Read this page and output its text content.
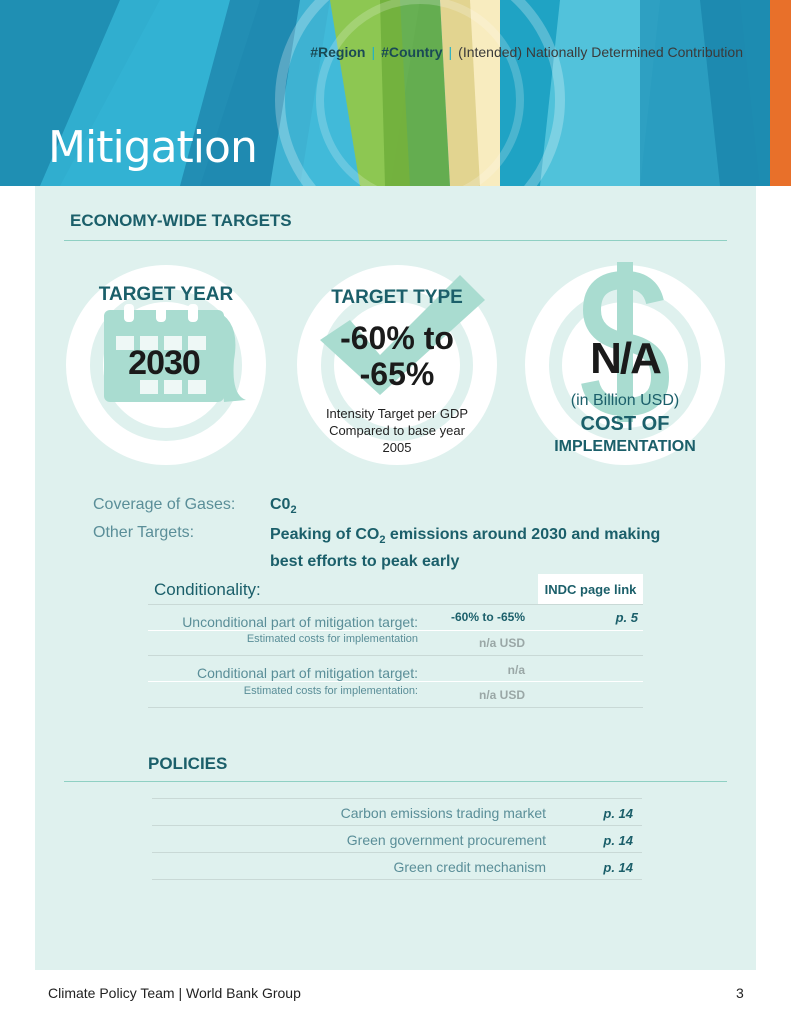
#Region | #Country | (Intended) Nationally Determined Contribution
Mitigation
ECONOMY-WIDE TARGETS
TARGET YEAR
2030
TARGET TYPE
-60% to
-65%
Intensity Target per GDP
Compared to base year
2005
N/A
(in Billion USD)
COST OF
IMPLEMENTATION
Coverage of Gases: $C0_2$
Other Targets:	Peaking of $CO_2$ emissions around 2030 and making
best efforts to peak early
Conditionality:	INDC page link
Unconditional part of mitigation target:	-60% to -65%	p. 5
Estimated costs for implementation	n/a USD
Conditional part of mitigation target:	n/a
Estimated costs for implementation:	n/a USD
POLICIES
Carbon emissions trading market	p. 14
Green government procurement	p. 14
Green credit mechanism	p. 14
Climate Policy Team | World Bank Group	3
